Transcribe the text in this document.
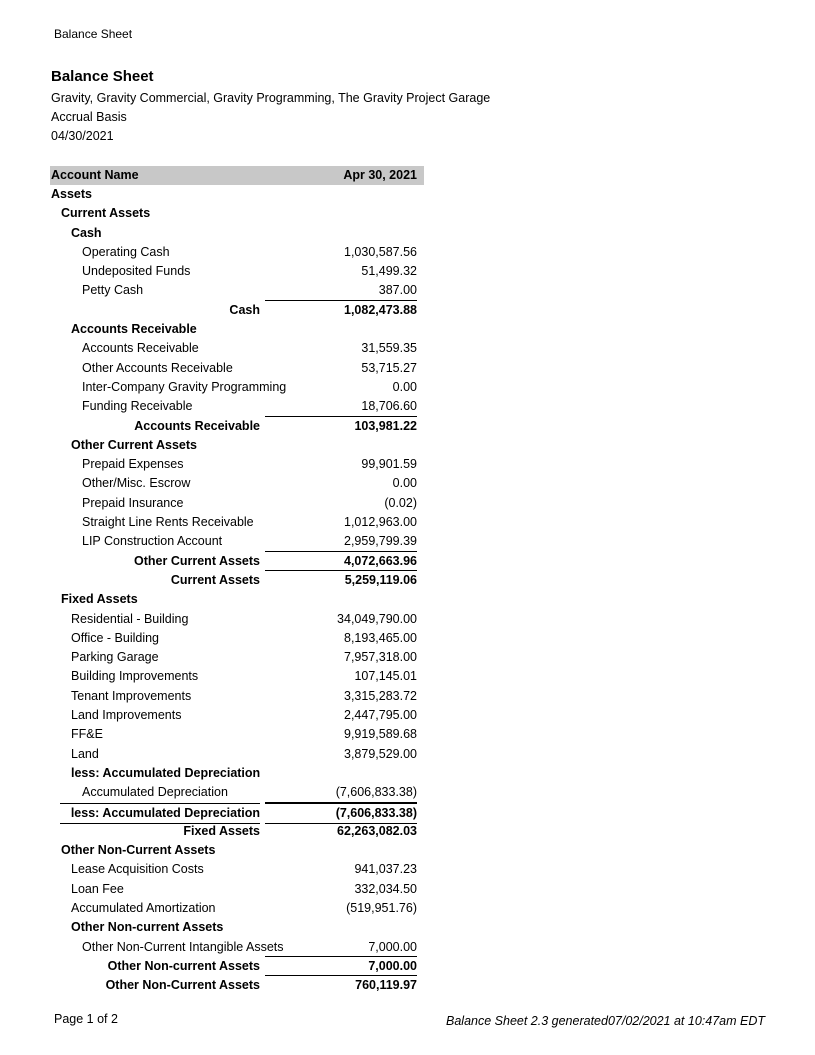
Balance Sheet
Balance Sheet
Gravity, Gravity Commercial, Gravity Programming, The Gravity Project Garage
Accrual Basis
04/30/2021
Account Name	Apr 30, 2021
Assets
Current Assets
Cash
Operating Cash	1,030,587.56
Undeposited Funds	51,499.32
Petty Cash	387.00
Cash	1,082,473.88
Accounts Receivable
Accounts Receivable	31,559.35
Other Accounts Receivable	53,715.27
Inter-Company Gravity Programming	0.00
Funding Receivable	18,706.60
Accounts Receivable	103,981.22
Other Current Assets
Prepaid Expenses	99,901.59
Other/Misc. Escrow	0.00
Prepaid Insurance	(0.02)
Straight Line Rents Receivable	1,012,963.00
LIP Construction Account	2,959,799.39
Other Current Assets	4,072,663.96
Current Assets	5,259,119.06
Fixed Assets
Residential - Building	34,049,790.00
Office - Building	8,193,465.00
Parking Garage	7,957,318.00
Building Improvements	107,145.01
Tenant Improvements	3,315,283.72
Land Improvements	2,447,795.00
FF&E	9,919,589.68
Land	3,879,529.00
less: Accumulated Depreciation
Accumulated Depreciation	(7,606,833.38)
less: Accumulated Depreciation	(7,606,833.38)
Fixed Assets	62,263,082.03
Other Non-Current Assets
Lease Acquisition Costs	941,037.23
Loan Fee	332,034.50
Accumulated Amortization	(519,951.76)
Other Non-current Assets
Other Non-Current Intangible Assets	7,000.00
Other Non-current Assets	7,000.00
Other Non-Current Assets	760,119.97
Page 1 of 2	Balance Sheet 2.3 generated07/02/2021 at 10:47am EDT
